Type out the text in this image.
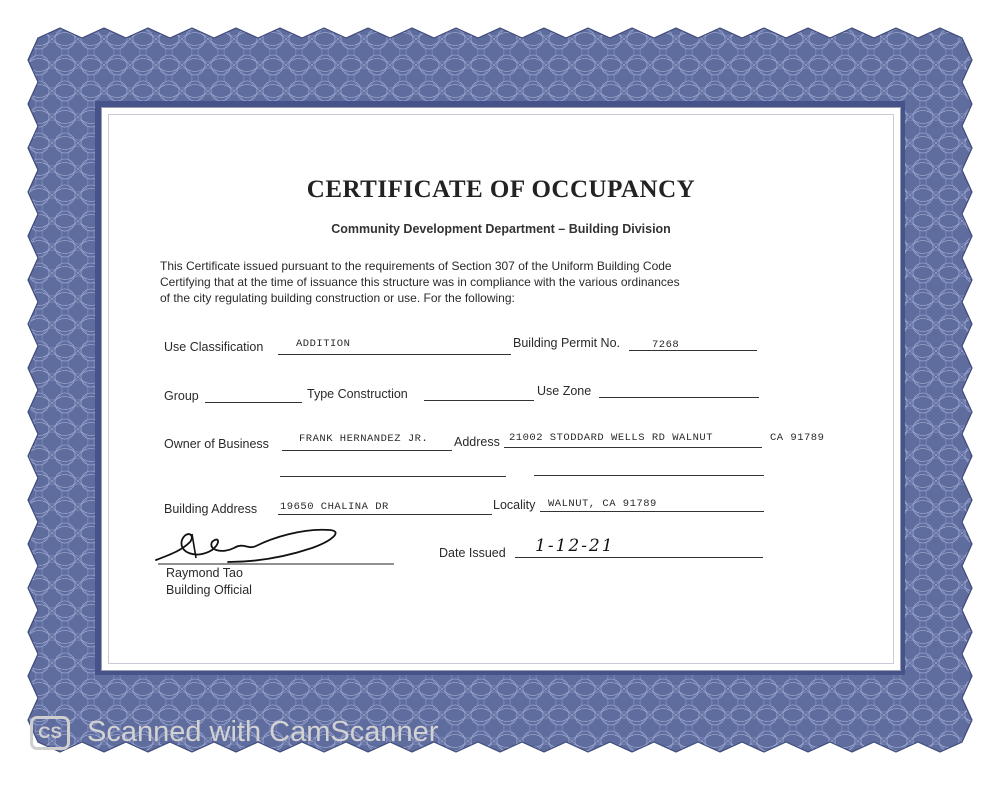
CERTIFICATE OF OCCUPANCY
Community Development Department – Building Division
This Certificate issued pursuant to the requirements of Section 307 of the Uniform Building Code
Certifying that at the time of issuance this structure was in compliance with the various ordinances
of the city regulating building construction or use. For the following:
Use Classification	ADDITION	Building Permit No.	7268
Group	Type Construction	Use Zone
Owner of Business	FRANK HERNANDEZ JR. Address 21002 STODDARD WELLS RD WALNUT	CA 91789
Building Address 19650 CHALINA DR	Locality WALNUT, CA 91789
Raymond Tao
Building Official
Date Issued 1-12-21
CS Scanned with CamScanner
